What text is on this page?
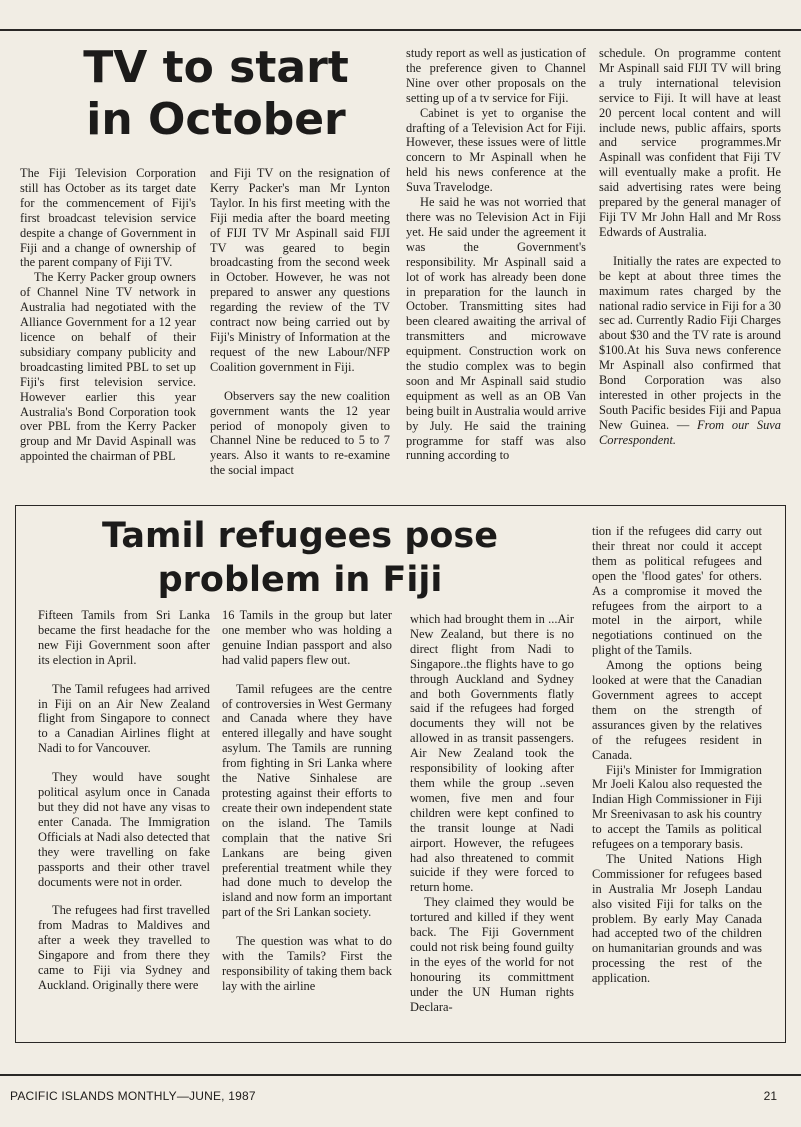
TV to start
in October

The Fiji Television Corporation still has October as its target date for the commencement of Fiji's first broadcast television service despite a change of Government in Fiji and a change of ownership of the parent company of Fiji TV.

The Kerry Packer group owners of Channel Nine TV network in Australia had negotiated with the Alliance Government for a 12 year licence on behalf of their subsidiary company publicity and broadcasting limited PBL to set up Fiji's first television service. However earlier this year Australia's Bond Corporation took over PBL from the Kerry Packer group and Mr David Aspinall was appointed the chairman of PBL

and Fiji TV on the resignation of Kerry Packer's man Mr Lynton Taylor. In his first meeting with the Fiji media after the board meeting of FIJI TV Mr Aspinall said FIJI TV was geared to begin broadcasting from the second week in October. However, he was not prepared to answer any questions regarding the review of the TV contract now being carried out by Fiji's Ministry of Information at the request of the new Labour/NFP Coalition government in Fiji.

Observers say the new coalition government wants the 12 year period of monopoly given to Channel Nine be reduced to 5 to 7 years. Also it wants to re-examine the social impact

study report as well as justication of the preference given to Channel Nine over other proposals on the setting up of a tv service for Fiji.

Cabinet is yet to organise the drafting of a Television Act for Fiji. However, these issues were of little concern to Mr Aspinall when he held his news conference at the Suva Travelodge.

He said he was not worried that there was no Television Act in Fiji yet. He said under the agreement it was the Government's responsibility. Mr Aspinall said a lot of work has already been done in preparation for the launch in October. Transmitting sites had been cleared awaiting the arrival of transmitters and microwave equipment. Construction work on the studio complex was to begin soon and Mr Aspinall said studio equipment as well as an OB Van being built in Australia would arrive by July. He said the training programme for staff was also running according to

schedule. On programme content Mr Aspinall said FIJI TV will bring a truly international television service to Fiji. It will have at least 20 percent local content and will include news, public affairs, sports and service programmes.Mr Aspinall was confident that Fiji TV will eventually make a profit. He said advertising rates were being prepared by the general manager of Fiji TV Mr John Hall and Mr Ross Edwards of Australia.

Initially the rates are expected to be kept at about three times the maximum rates charged by the national radio service in Fiji for a 30 sec ad. Currently Radio Fiji Charges about $30 and the TV rate is around $100.At his Suva news conference Mr Aspinall also confirmed that Bond Corporation was also interested in other projects in the South Pacific besides Fiji and Papua New Guinea. — From our Suva Correspondent.

Tamil refugees pose
problem in Fiji

Fifteen Tamils from Sri Lanka became the first headache for the new Fiji Government soon after its election in April.

The Tamil refugees had arrived in Fiji on an Air New Zealand flight from Singapore to connect to a Canadian Airlines flight at Nadi to for Vancouver.

They would have sought political asylum once in Canada but they did not have any visas to enter Canada. The Immigration Officials at Nadi also detected that they were travelling on fake passports and their other travel documents were not in order.

The refugees had first travelled from Madras to Maldives and after a week they travelled to Singapore and from there they came to Fiji via Sydney and Auckland. Originally there were

16 Tamils in the group but later one member who was holding a genuine Indian passport and also had valid papers flew out.

Tamil refugees are the centre of controversies in West Germany and Canada where they have entered illegally and have sought asylum. The Tamils are running from fighting in Sri Lanka where the Native Sinhalese are protesting against their efforts to create their own independent state on the island. The Tamils complain that the native Sri Lankans are being given preferential treatment while they had done much to develop the island and now form an important part of the Sri Lankan society.

The question was what to do with the Tamils? First the responsibility of taking them back lay with the airline

which had brought them in ...Air New Zealand, but there is no direct flight from Nadi to Singapore..the flights have to go through Auckland and Sydney and both Governments flatly said if the refugees had forged documents they will not be allowed in as transit passengers. Air New Zealand took the responsibility of looking after them while the group ..seven women, five men and four children were kept confined to the transit lounge at Nadi airport. However, the refugees had also threatened to commit suicide if they were forced to return home.

They claimed they would be tortured and killed if they went back. The Fiji Government could not risk being found guilty in the eyes of the world for not honouring its committment under the UN Human rights Declara-

tion if the refugees did carry out their threat nor could it accept them as political refugees and open the 'flood gates' for others. As a compromise it moved the refugees from the airport to a motel in the airport, while negotiations continued on the plight of the Tamils.

Among the options being looked at were that the Canadian Government agrees to accept them on the strength of assurances given by the relatives of the refugees resident in Canada.

Fiji's Minister for Immigration Mr Joeli Kalou also requested the Indian High Commissioner in Fiji Mr Sreenivasan to ask his country to accept the Tamils as political refugees on a temporary basis.

The United Nations High Commissioner for refugees based in Australia Mr Joseph Landau also visited Fiji for talks on the problem. By early May Canada had accepted two of the children on humanitarian grounds and was processing the rest of the application.

PACIFIC ISLANDS MONTHLY—JUNE, 1987	21
